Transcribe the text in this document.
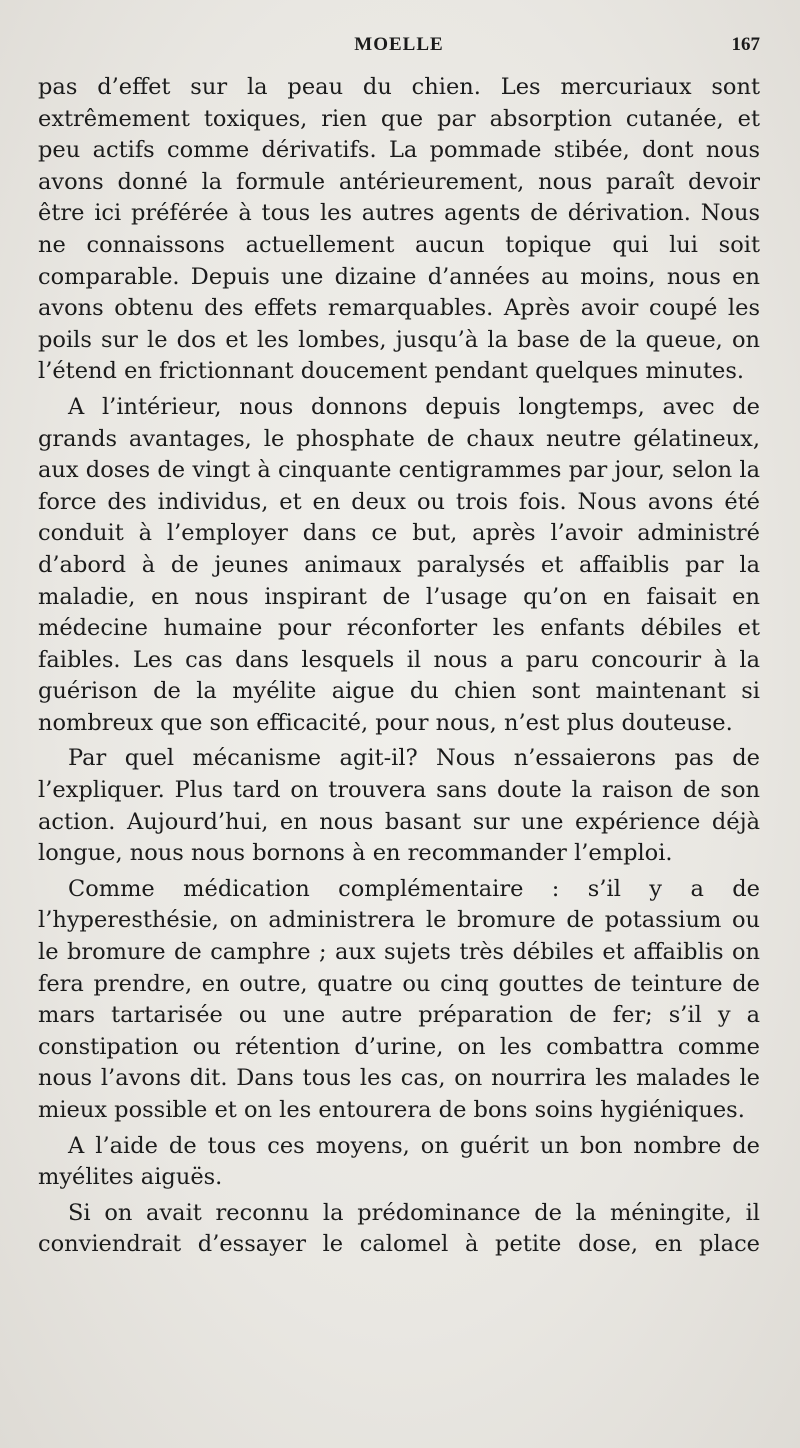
MOELLE	167

pas d’effet sur la peau du chien. Les mercuriaux sont extrêmement toxiques, rien que par absorption cutanée, et peu actifs comme dérivatifs. La pommade stibée, dont nous avons donné la formule antérieurement, nous paraît devoir être ici préférée à tous les autres agents de dérivation. Nous ne connaissons actuellement aucun topique qui lui soit comparable. Depuis une dizaine d’années au moins, nous en avons obtenu des effets remarquables. Après avoir coupé les poils sur le dos et les lombes, jusqu’à la base de la queue, on l’étend en frictionnant doucement pendant quelques minutes.

A l’intérieur, nous donnons depuis longtemps, avec de grands avantages, le phosphate de chaux neutre gélatineux, aux doses de vingt à cinquante centigrammes par jour, selon la force des individus, et en deux ou trois fois. Nous avons été conduit à l’employer dans ce but, après l’avoir administré d’abord à de jeunes animaux paralysés et affaiblis par la maladie, en nous inspirant de l’usage qu’on en faisait en médecine humaine pour réconforter les enfants débiles et faibles. Les cas dans lesquels il nous a paru concourir à la guérison de la myélite aigue du chien sont maintenant si nombreux que son efficacité, pour nous, n’est plus douteuse.

Par quel mécanisme agit-il? Nous n’essaierons pas de l’expliquer. Plus tard on trouvera sans doute la raison de son action. Aujourd’hui, en nous basant sur une expérience déjà longue, nous nous bornons à en recommander l’emploi.

Comme médication complémentaire : s’il y a de l’hyperesthésie, on administrera le bromure de potassium ou le bromure de camphre ; aux sujets très débiles et affaiblis on fera prendre, en outre, quatre ou cinq gouttes de teinture de mars tartarisée ou une autre préparation de fer; s’il y a constipation ou rétention d’urine, on les combattra comme nous l’avons dit. Dans tous les cas, on nourrira les malades le mieux possible et on les entourera de bons soins hygiéniques.

A l’aide de tous ces moyens, on guérit un bon nombre de myélites aiguës.

Si on avait reconnu la prédominance de la méningite, il conviendrait d’essayer le calomel à petite dose, en place
